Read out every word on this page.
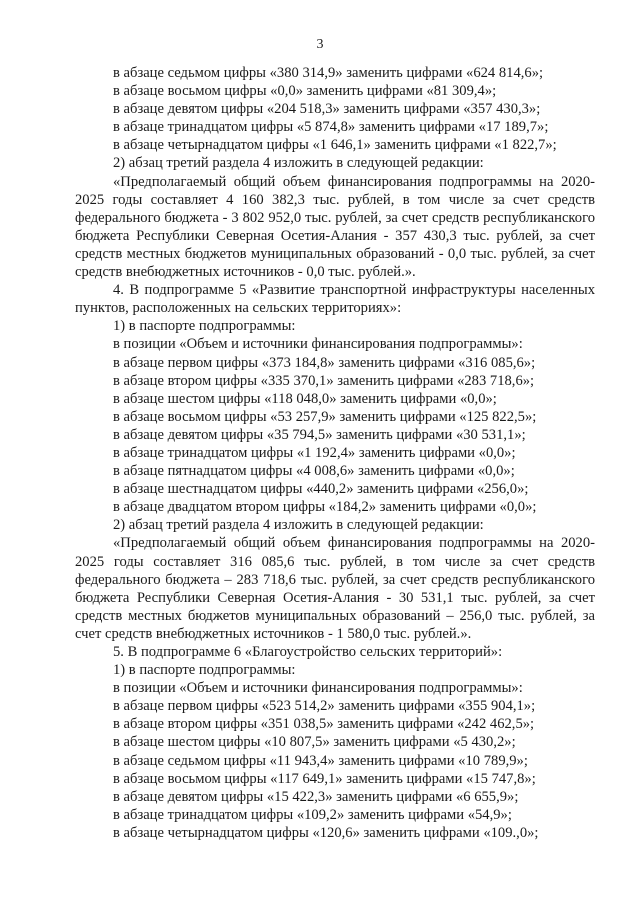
3
в абзаце седьмом цифры «380 314,9» заменить цифрами «624 814,6»;
в абзаце восьмом цифры «0,0» заменить цифрами «81 309,4»;
в абзаце девятом цифры «204 518,3» заменить цифрами «357 430,3»;
в абзаце тринадцатом цифры «5 874,8» заменить цифрами «17 189,7»;
в абзаце четырнадцатом цифры «1 646,1» заменить цифрами «1 822,7»;
2) абзац третий раздела 4 изложить в следующей редакции:
«Предполагаемый общий объем финансирования подпрограммы на 2020-2025 годы составляет 4 160 382,3 тыс. рублей, в том числе за счет средств федерального бюджета - 3 802 952,0 тыс. рублей, за счет средств республиканского бюджета Республики Северная Осетия-Алания - 357 430,3 тыс. рублей, за счет средств местных бюджетов муниципальных образований - 0,0 тыс. рублей, за счет средств внебюджетных источников - 0,0 тыс. рублей.».
4. В подпрограмме 5 «Развитие транспортной инфраструктуры населенных пунктов, расположенных на сельских территориях»:
1) в паспорте подпрограммы:
в позиции «Объем и источники финансирования подпрограммы»:
в абзаце первом цифры «373 184,8» заменить цифрами «316 085,6»;
в абзаце втором цифры «335 370,1» заменить цифрами «283 718,6»;
в абзаце шестом цифры «118 048,0» заменить цифрами «0,0»;
в абзаце восьмом цифры «53 257,9» заменить цифрами «125 822,5»;
в абзаце девятом цифры «35 794,5» заменить цифрами «30 531,1»;
в абзаце тринадцатом цифры «1 192,4» заменить цифрами «0,0»;
в абзаце пятнадцатом цифры «4 008,6» заменить цифрами «0,0»;
в абзаце шестнадцатом цифры «440,2» заменить цифрами «256,0»;
в абзаце двадцатом втором цифры «184,2» заменить цифрами «0,0»;
2) абзац третий раздела 4 изложить в следующей редакции:
«Предполагаемый общий объем финансирования подпрограммы на 2020-2025 годы составляет 316 085,6 тыс. рублей, в том числе за счет средств федерального бюджета – 283 718,6 тыс. рублей, за счет средств республиканского бюджета Республики Северная Осетия-Алания - 30 531,1 тыс. рублей, за счет средств местных бюджетов муниципальных образований – 256,0 тыс. рублей, за счет средств внебюджетных источников - 1 580,0 тыс. рублей.».
5. В подпрограмме 6 «Благоустройство сельских территорий»:
1) в паспорте подпрограммы:
в позиции «Объем и источники финансирования подпрограммы»:
в абзаце первом цифры «523 514,2» заменить цифрами «355 904,1»;
в абзаце втором цифры «351 038,5» заменить цифрами «242 462,5»;
в абзаце шестом цифры «10 807,5» заменить цифрами «5 430,2»;
в абзаце седьмом цифры «11 943,4» заменить цифрами «10 789,9»;
в абзаце восьмом цифры «117 649,1» заменить цифрами «15 747,8»;
в абзаце девятом цифры «15 422,3» заменить цифрами «6 655,9»;
в абзаце тринадцатом цифры «109,2» заменить цифрами «54,9»;
в абзаце четырнадцатом цифры «120,6» заменить цифрами «109.,0»;
